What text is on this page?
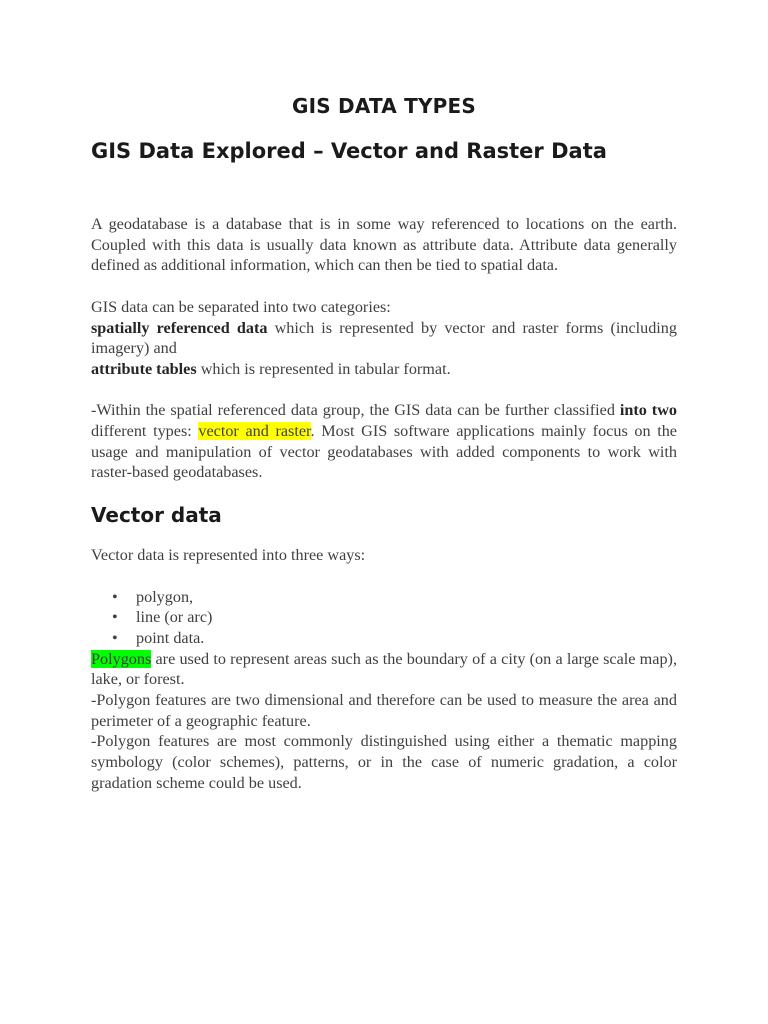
GIS DATA TYPES
GIS Data Explored – Vector and Raster Data

A geodatabase is a database that is in some way referenced to locations on the earth. Coupled with this data is usually data known as attribute data. Attribute data generally defined as additional information, which can then be tied to spatial data.

GIS data can be separated into two categories:

spatially referenced data which is represented by vector and raster forms (including imagery) and

attribute tables which is represented in tabular format.

-Within the spatial referenced data group, the GIS data can be further classified into two different types: vector and raster. Most GIS software applications mainly focus on the usage and manipulation of vector geodatabases with added components to work with raster-based geodatabases.

Vector data

Vector data is represented into three ways:

• polygon,
• line (or arc)
• point data.

Polygons are used to represent areas such as the boundary of a city (on a large scale map), lake, or forest.

-Polygon features are two dimensional and therefore can be used to measure the area and perimeter of a geographic feature.

-Polygon features are most commonly distinguished using either a thematic mapping symbology (color schemes), patterns, or in the case of numeric gradation, a color gradation scheme could be used.
